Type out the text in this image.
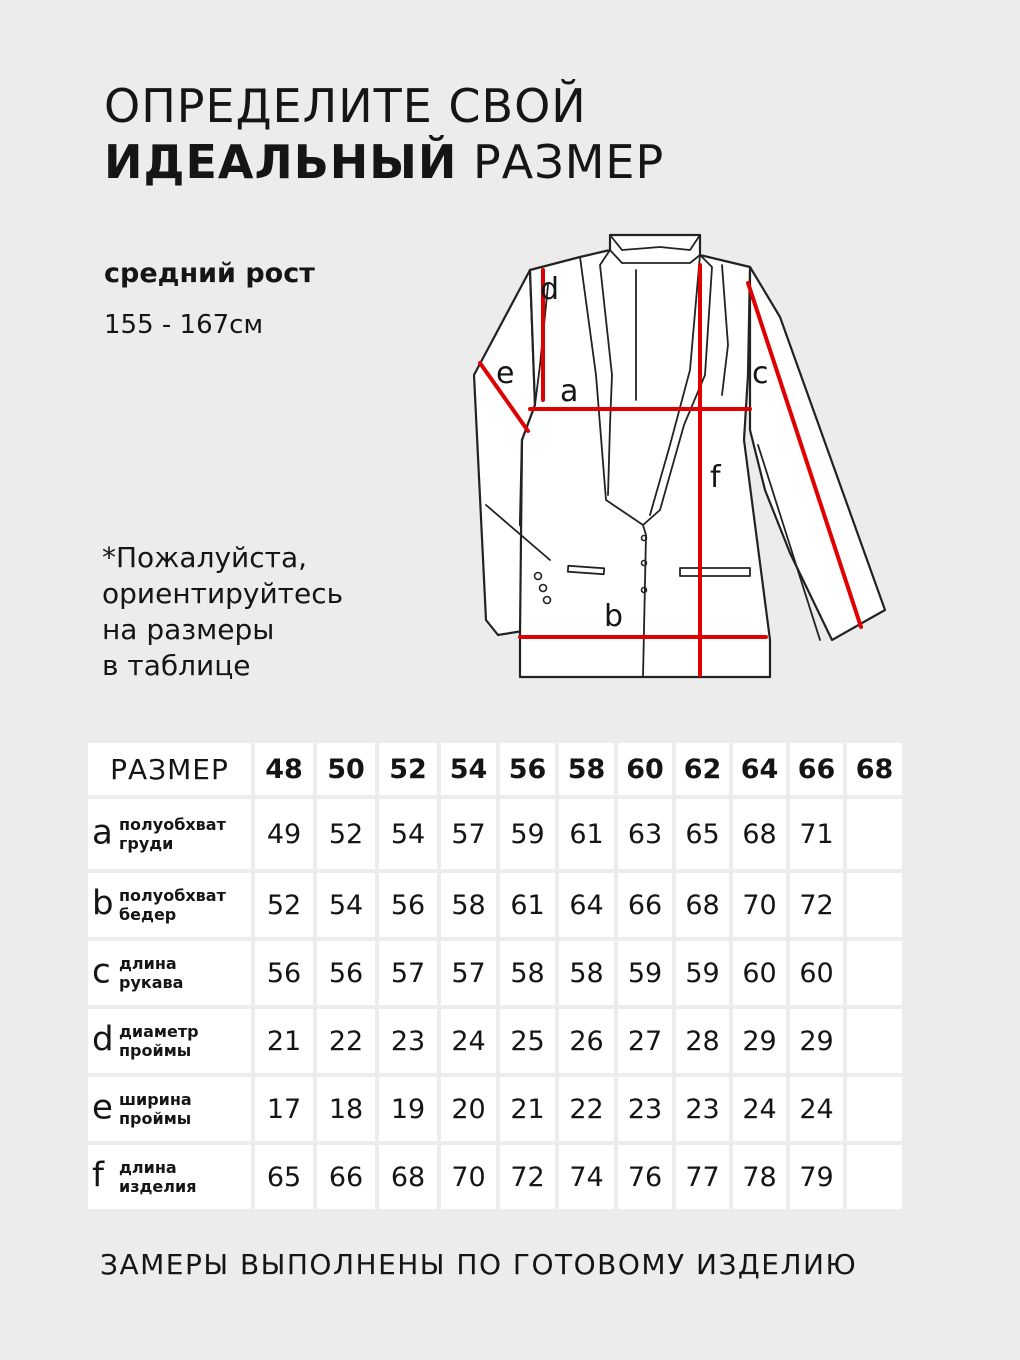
ОПРЕДЕЛИТЕ СВОЙ
ИДЕАЛЬНЫЙ РАЗМЕР
средний рост
155 - 167см
*Пожалуйста,
ориентируйтесь
на размеры
в таблице
a
b
c
d
e
f
РАЗМЕР	48	50	52	54	56	58	60	62	64	66	68

a полуобхват
груди	49	52	54	57	59	61	63	65	68	71	

b полуобхват
бедер	52	54	56	58	61	64	66	68	70	72	

c длина
рукава	56	56	57	57	58	58	59	59	60	60	

d диаметр
проймы	21	22	23	24	25	26	27	28	29	29	

e ширина
проймы	17	18	19	20	21	22	23	23	24	24	

f длина
изделия	65	66	68	70	72	74	76	77	78	79	
ЗАМЕРЫ ВЫПОЛНЕНЫ ПО ГОТОВОМУ ИЗДЕЛИЮ
